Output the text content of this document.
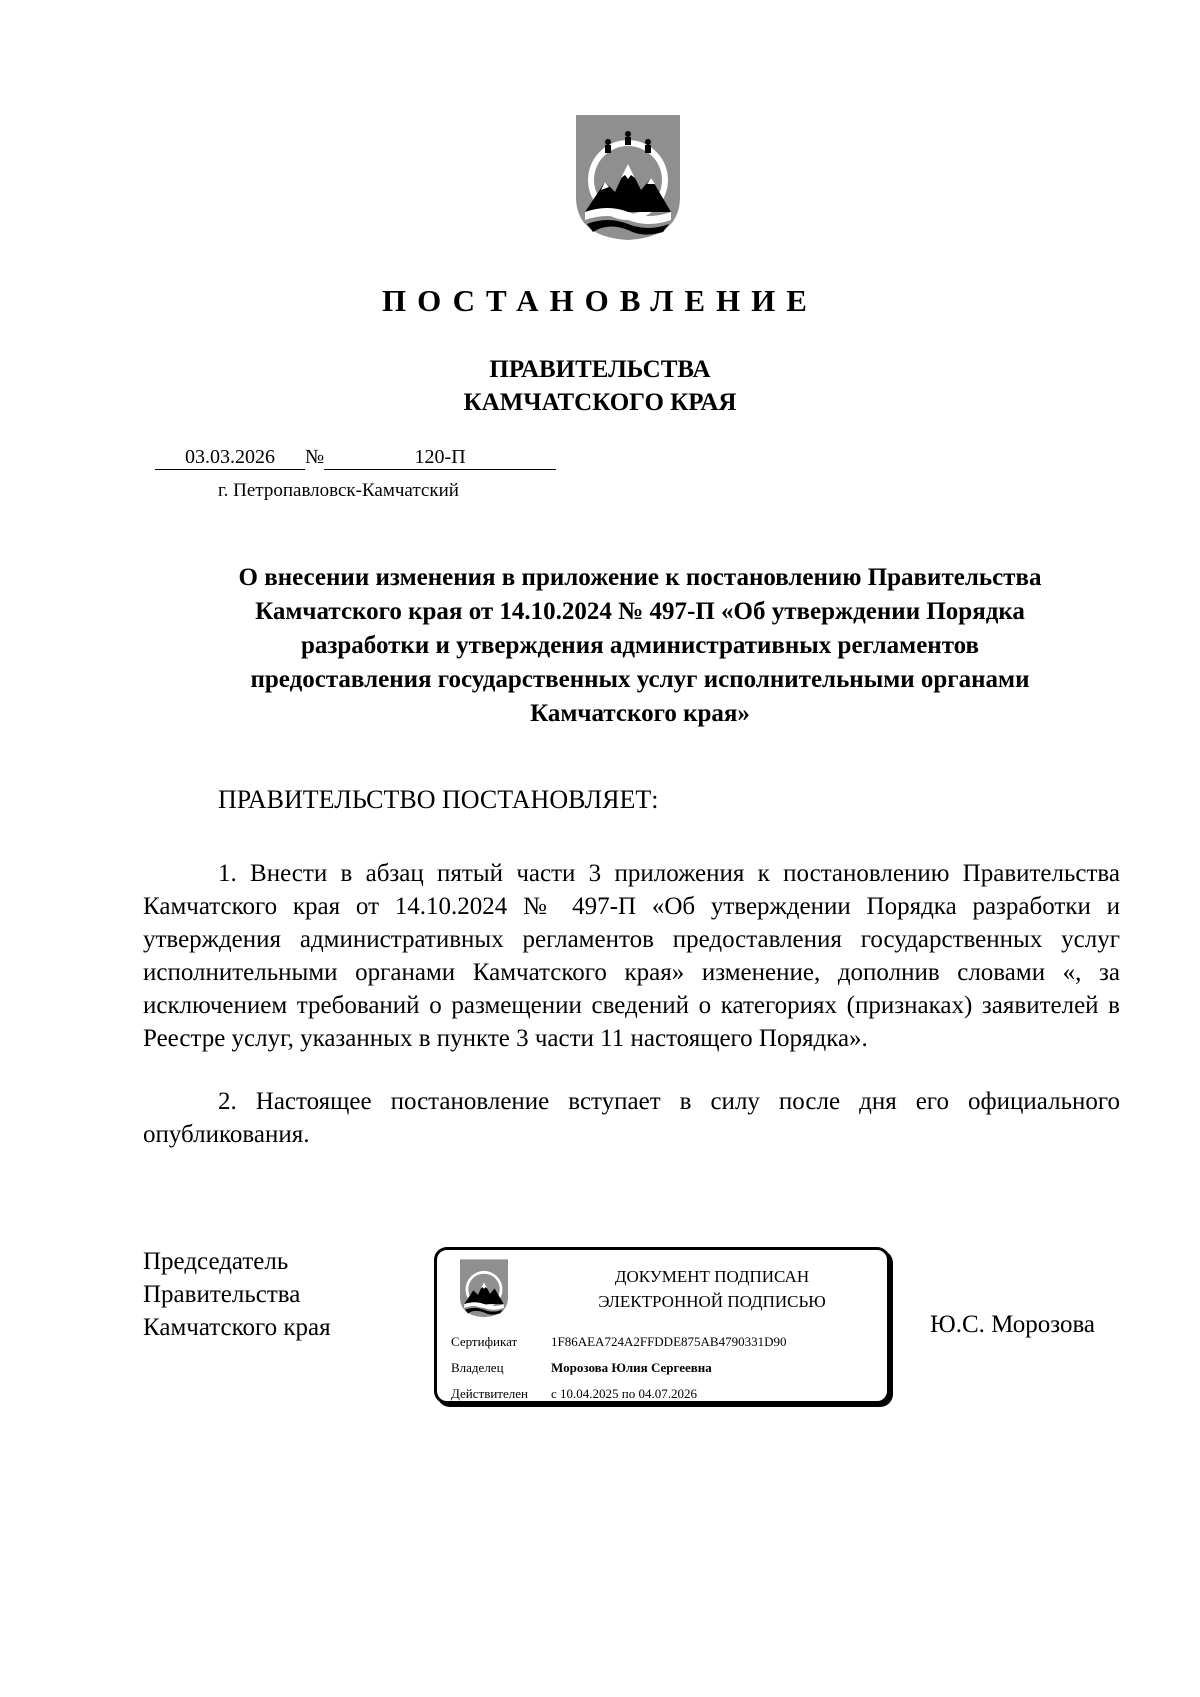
ПОСТАНОВЛЕНИЕ
ПРАВИТЕЛЬСТВА
КАМЧАТСКОГО КРАЯ
03.03.2026 №	120-П
г. Петропавловск-Камчатский
О внесении изменения в приложение к постановлению Правительства
Камчатского края от 14.10.2024 № 497-П «Об утверждении Порядка
разработки и утверждения административных регламентов
предоставления государственных услуг исполнительными органами
Камчатского края»
ПРАВИТЕЛЬСТВО ПОСТАНОВЛЯЕТ:
1. Внести в абзац пятый части 3 приложения к постановлению Правительства Камчатского края от 14.10.2024 № 497-П «Об утверждении Порядка разработки и утверждения административных регламентов предоставления государственных услуг исполнительными органами Камчатского края» изменение, дополнив словами «, за исключением требований о размещении сведений о категориях (признаках) заявителей в Реестре услуг, указанных в пункте 3 части 11 настоящего Порядка».
2. Настоящее постановление вступает в силу после дня его официального опубликования.
Председатель
Правительства
Камчатского края
ДОКУМЕНТ ПОДПИСАН
ЭЛЕКТРОННОЙ ПОДПИСЬЮ
Сертификат	1F86AEA724A2FFDDE875AB4790331D90
Владелец	Морозова Юлия Сергеевна
Действителен с 10.04.2025 по 04.07.2026
Ю.С. Морозова
